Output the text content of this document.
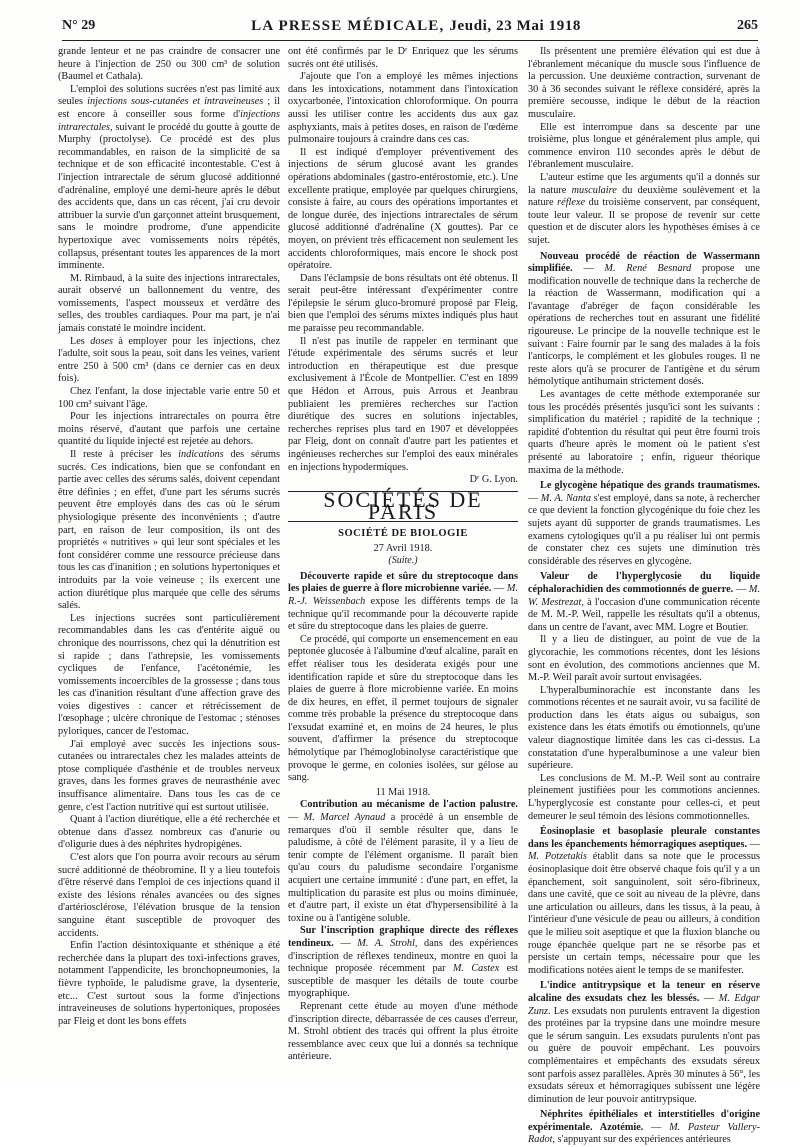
N° 29	LA PRESSE MÉDICALE, Jeudi, 23 Mai 1918	265

grande lenteur et ne pas craindre de consacrer une heure à l'injection de 250 ou 300 cm³ de solution (Baumel et Cathala).

L'emploi des solutions sucrées n'est pas limité aux seules injections sous-cutanées et intraveineuses ; il est encore à conseiller sous forme d'injections intrarectales, suivant le procédé du goutte à goutte de Murphy (proctolyse). Ce procédé est des plus recommandables, en raison de la simplicité de sa technique et de son efficacité incontestable. C'est à l'injection intrarectale de sérum glucosé additionné d'adrénaline, employé une demi-heure après le début des accidents que, dans un cas récent, j'ai cru devoir attribuer la survie d'un garçonnet atteint brusquement, sans le moindre prodrome, d'une appendicite hypertoxique avec vomissements noirs répétés, collapsus, présentant toutes les apparences de la mort imminente.

M. Rimbaud, à la suite des injections intrarectales, aurait observé un ballonnement du ventre, des vomissements, l'aspect mousseux et verdâtre des selles, des troubles cardiaques. Pour ma part, je n'ai jamais constaté le moindre incident.

Les doses à employer pour les injections, chez l'adulte, soit sous la peau, soit dans les veines, varient entre 250 à 500 cm³ (dans ce dernier cas en deux fois).

Chez l'enfant, la dose injectable varie entre 50 et 100 cm³ suivant l'âge.

Pour les injections intrarectales on pourra être moins réservé, d'autant que parfois une certaine quantité du liquide injecté est rejetée au dehors.

Il reste à préciser les indications des sérums sucrés. Ces indications, bien que se confondant en partie avec celles des sérums salés, doivent cependant être définies ; en effet, d'une part les sérums sucrés peuvent être employés dans des cas où le sérum physiologique présente des inconvénients ; d'autre part, en raison de leur composition, ils ont des propriétés « nutritives » qui leur sont spéciales et les font considérer comme une ressource précieuse dans tous les cas d'inanition ; en solutions hypertoniques et introduits par la voie veineuse ; ils exercent une action diurétique plus marquée que celle des sérums salés.

Les injections sucrées sont particulièrement recommandables dans les cas d'entérite aiguë ou chronique des nourrissons, chez qui la dénutrition est si rapide ; dans l'athrepsie, les vomissements cycliques de l'enfance, l'acétonémie, les vomissements incoercibles de la grossesse ; dans tous les cas d'inanition résultant d'une affection grave des voies digestives : cancer et rétrécissement de l'œsophage ; ulcère chronique de l'estomac ; sténoses pyloriques, cancer de l'estomac.

J'ai employé avec succès les injections sous-cutanées ou intrarectales chez les malades atteints de ptose compliquée d'asthénie et de troubles nerveux graves, dans les formes graves de neurasthénie avec insuffisance alimentaire. Dans tous les cas de ce genre, c'est l'action nutritive qui est surtout utilisée.

Quant à l'action diurétique, elle a été recherchée et obtenue dans d'assez nombreux cas d'anurie ou d'oligurie dues à des néphrites hydropigènes.

C'est alors que l'on pourra avoir recours au sérum sucré additionné de théobromine. Il y a lieu toutefois d'être réservé dans l'emploi de ces injections quand il existe des lésions rénales avancées ou des signes d'artériosclérose, l'élévation brusque de la tension sanguine étant susceptible de provoquer des accidents.

Enfin l'action désintoxiquante et sthénique a été recherchée dans la plupart des toxi-infections graves, notamment l'appendicite, les bronchopneumonies, la fièvre typhoïde, le paludisme grave, la dysenterie, etc... C'est surtout sous la forme d'injections intraveineuses de solutions hypertoniques, proposées par Fleig et dont les bons effets

ont été confirmés par le Dʳ Enriquez que les sérums sucrés ont été utilisés.

J'ajoute que l'on a employé les mêmes injections dans les intoxications, notamment dans l'intoxication oxycarbonée, l'intoxication chloroformique. On pourra aussi les utiliser contre les accidents dus aux gaz asphyxiants, mais à petites doses, en raison de l'œdème pulmonaire toujours à craindre dans ces cas.

Il est indiqué d'employer préventivement des injections de sérum glucosé avant les grandes opérations abdominales (gastro-entérostomie, etc.). Une excellente pratique, employée par quelques chirurgiens, consiste à faire, au cours des opérations importantes et de longue durée, des injections intrarectales de sérum glucosé additionné d'adrénaline (X gouttes). Par ce moyen, on prévient très efficacement non seulement les accidents chloroformiques, mais encore le shock post opératoire.

Dans l'éclampsie de bons résultats ont été obtenus. Il serait peut-être intéressant d'expérimenter contre l'épilepsie le sérum gluco-bromuré proposé par Fleig, bien que l'emploi des sérums mixtes indiqués plus haut me paraisse peu recommandable.

Il n'est pas inutile de rappeler en terminant que l'étude expérimentale des sérums sucrés et leur introduction en thérapeutique est due presque exclusivement à l'École de Montpellier. C'est en 1899 que Hédon et Arrous, puis Arrous et Jeanbrau publiaient les premières recherches sur l'action diurétique des sucres en solutions injectables, recherches reprises plus tard en 1907 et développées par Fleig, dont on connaît d'autre part les patientes et ingénieuses recherches sur l'emploi des eaux minérales en injections hypodermiques.

Dʳ G. Lyon.
SOCIÉTÉS DE PARIS
SOCIÉTÉ DE BIOLOGIE
27 Avril 1918.
(Suite.)

Découverte rapide et sûre du streptocoque dans les plaies de guerre à flore microbienne variée. — M. R.-J. Weissenbach expose les différents temps de la technique qu'il recommande pour la découverte rapide et sûre du streptocoque dans les plaies de guerre.

Ce procédé, qui comporte un ensemencement en eau peptonée glucosée à l'albumine d'œuf alcaline, paraît en effet réaliser tous les desiderata exigés pour une identification rapide et sûre du streptocoque dans les plaies de guerre à flore microbienne variée. En moins de dix heures, en effet, il permet toujours de signaler comme très probable la présence du streptocoque dans l'exsudat examiné et, en moins de 24 heures, le plus souvent, d'affirmer la présence du streptocoque hémolytique par l'hémoglobinolyse caractéristique que provoque le germe, en colonies isolées, sur gélose au sang.

11 Mai 1918.

Contribution au mécanisme de l'action palustre. — M. Marcel Aynaud a procédé à un ensemble de remarques d'où il semble résulter que, dans le paludisme, à côté de l'élément parasite, il y a lieu de tenir compte de l'élément organisme. Il paraît bien qu'au cours du paludisme secondaire l'organisme acquiert une certaine immunité : d'une part, en effet, la multiplication du parasite est plus ou moins diminuée, et d'autre part, il existe un état d'hypersensibilité à la toxine ou à l'antigène soluble.

Sur l'inscription graphique directe des réflexes tendineux. — M. A. Strohl, dans des expériences d'inscription de réflexes tendineux, montre en quoi la technique proposée récemment par M. Castex est susceptible de masquer les détails de toute courbe myographique.

Reprenant cette étude au moyen d'une méthode d'inscription directe, débarrassée de ces causes d'erreur, M. Strohl obtient des tracés qui offrent la plus étroite ressemblance avec ceux que lui a donnés sa technique antérieure.

Ils présentent une première élévation qui est due à l'ébranlement mécanique du muscle sous l'influence de la percussion. Une deuxième contraction, survenant de 30 à 36 secondes suivant le réflexe considéré, après la première secousse, indique le début de la réaction musculaire.

Elle est interrompue dans sa descente par une troisième, plus longue et généralement plus ample, qui commence environ 110 secondes après le début de l'ébranlement musculaire.

L'auteur estime que les arguments qu'il a donnés sur la nature musculaire du deuxième soulèvement et la nature réflexe du troisième conservent, par conséquent, toute leur valeur. Il se propose de revenir sur cette question et de discuter alors les hypothèses émises à ce sujet.

Nouveau procédé de réaction de Wassermann simplifiée. — M. René Besnard propose une modification nouvelle de technique dans la recherche de la réaction de Wassermann, modification qui a l'avantage d'abréger de façon considérable les opérations de recherches tout en assurant une fidélité rigoureuse. Le principe de la nouvelle technique est le suivant : Faire fournir par le sang des malades à la fois l'anticorps, le complément et les globules rouges. Il ne reste alors qu'à se procurer de l'antigène et du sérum hémolytique antihumain strictement dosés.

Les avantages de cette méthode extemporanée sur tous les procédés présentés jusqu'ici sont les suivants : simplification du matériel ; rapidité de la technique ; rapidité d'obtention du résultat qui peut être fourni trois quarts d'heure après le moment où le patient s'est présenté au laboratoire ; enfin, rigueur théorique maxima de la méthode.

Le glycogène hépatique des grands traumatismes. — M. A. Nanta s'est employé, dans sa note, à rechercher ce que devient la fonction glycogénique du foie chez les sujets ayant dû supporter de grands traumatismes. Les examens cytologiques qu'il a pu réaliser lui ont permis de constater chez ces sujets une diminution très considérable des réserves en glycogène.

Valeur de l'hyperglycosie du liquide céphalorachidien des commotionnés de guerre. — M. W. Mestrezat, à l'occasion d'une communication récente de M. M.-P. Weil, rappelle les résultats qu'il a obtenus, dans un centre de l'avant, avec MM. Logre et Boutier.

Il y a lieu de distinguer, au point de vue de la glycorachie, les commotions récentes, dont les lésions sont en évolution, des commotions anciennes que M. M.-P. Weil paraît avoir surtout envisagées.

L'hyperalbuminorachie est inconstante dans les commotions récentes et ne saurait avoir, vu sa facilité de production dans les états aigus ou subaigus, son existence dans les états émotifs ou émotionnels, qu'une valeur diagnostique limitée dans les cas ci-dessus. La constatation d'une hyperalbuminose a une valeur bien supérieure.

Les conclusions de M. M.-P. Weil sont au contraire pleinement justifiées pour les commotions anciennes. L'hyperglycosie est constante pour celles-ci, et peut demeurer le seul témoin des lésions commotionnelles.

Éosinoplasie et basoplasie pleurale constantes dans les épanchements hémorragiques aseptiques. — M. Potzetakis établit dans sa note que le processus éosinoplasique doit être observé chaque fois qu'il y a un épanchement, soit sanguinolent, soit séro-fibrineux, dans une cavité, que ce soit au niveau de la plèvre, dans une articulation ou ailleurs, dans les tissus, à la peau, à l'intérieur d'une vésicule de peau ou ailleurs, à condition que le milieu soit aseptique et que la fluxion blanche ou rouge épanchée quelque part ne se résorbe pas et persiste un certain temps, nécessaire pour que les modifications notées aient le temps de se manifester.

L'indice antitrypsique et la teneur en réserve alcaline des exsudats chez les blessés. — M. Edgar Zunz. Les exsudats non purulents entravent la digestion des protéines par la trypsine dans une moindre mesure que le sérum sanguin. Les exsudats purulents n'ont pas ou guère de pouvoir empêchant. Les pouvoirs complémentaires et empêchants des exsudats séreux sont parfois assez parallèles. Après 30 minutes à 56°, les exsudats séreux et hémorragiques subissent une légère diminution de leur pouvoir antitrypsique.

Néphrites épithéliales et interstitielles d'origine expérimentale. Azotémie. — M. Pasteur Vallery-Radot, s'appuyant sur des expériences antérieures
